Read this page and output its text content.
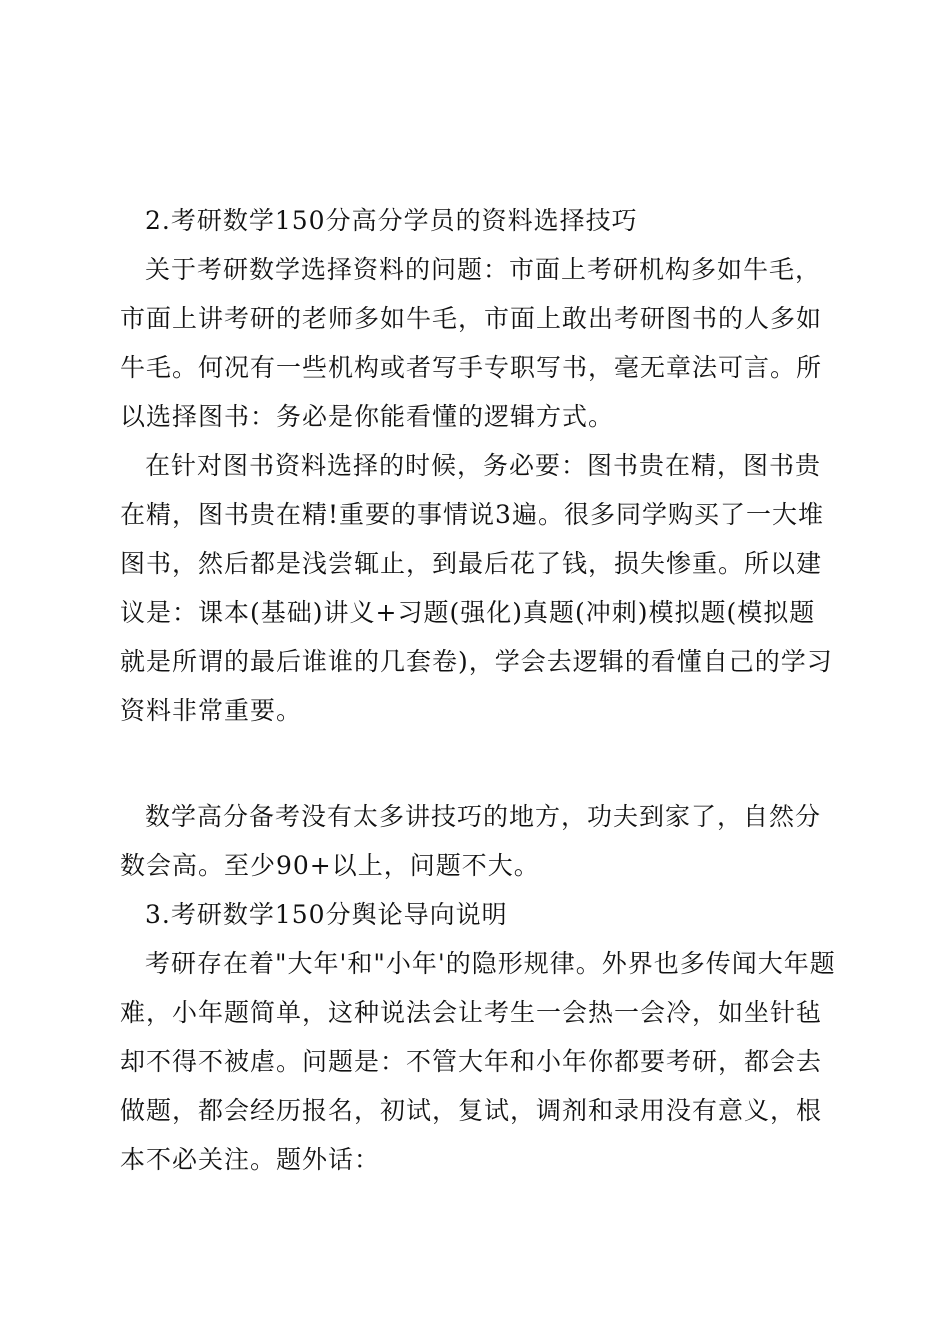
2.考研数学150分高分学员的资料选择技巧

关于考研数学选择资料的问题：市面上考研机构多如牛毛，市面上讲考研的老师多如牛毛，市面上敢出考研图书的人多如牛毛。何况有一些机构或者写手专职写书，毫无章法可言。所以选择图书：务必是你能看懂的逻辑方式。

在针对图书资料选择的时候，务必要：图书贵在精，图书贵在精，图书贵在精!重要的事情说3遍。很多同学购买了一大堆图书，然后都是浅尝辄止，到最后花了钱，损失惨重。所以建议是：课本(基础)讲义+习题(强化)真题(冲刺)模拟题(模拟题就是所谓的最后谁谁的几套卷)，学会去逻辑的看懂自己的学习资料非常重要。

数学高分备考没有太多讲技巧的地方，功夫到家了，自然分数会高。至少90+以上，问题不大。

3.考研数学150分舆论导向说明

考研存在着"大年'和"小年'的隐形规律。外界也多传闻大年题难，小年题简单，这种说法会让考生一会热一会冷，如坐针毡却不得不被虐。问题是：不管大年和小年你都要考研，都会去做题，都会经历报名，初试，复试，调剂和录用没有意义，根本不必关注。题外话：
